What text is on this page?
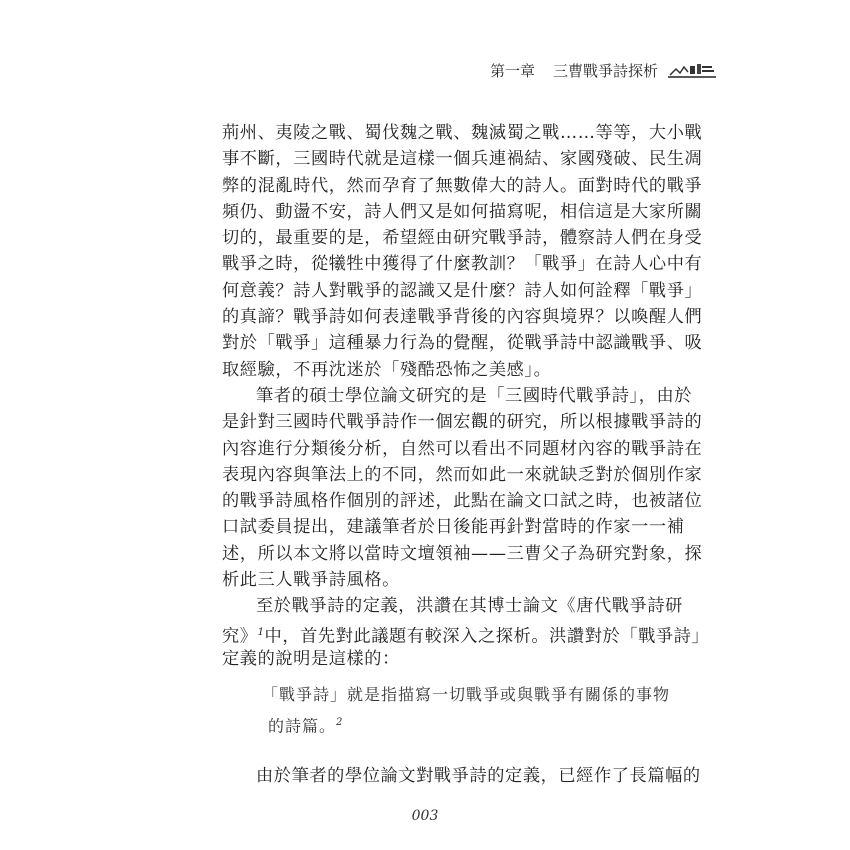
第一章 三曹戰爭詩探析
荊州、夷陵之戰、蜀伐魏之戰、魏滅蜀之戰……等等，大小戰
事不斷，三國時代就是這樣一個兵連禍結、家國殘破、民生凋
弊的混亂時代，然而孕育了無數偉大的詩人。面對時代的戰爭
頻仍、動盪不安，詩人們又是如何描寫呢，相信這是大家所關
切的，最重要的是，希望經由研究戰爭詩，體察詩人們在身受
戰爭之時，從犧牲中獲得了什麼教訓？「戰爭」在詩人心中有
何意義？詩人對戰爭的認識又是什麼？詩人如何詮釋「戰爭」
的真諦？戰爭詩如何表達戰爭背後的內容與境界？以喚醒人們
對於「戰爭」這種暴力行為的覺醒，從戰爭詩中認識戰爭、吸
取經驗，不再沈迷於「殘酷恐怖之美感」。
筆者的碩士學位論文研究的是「三國時代戰爭詩」，由於
是針對三國時代戰爭詩作一個宏觀的研究，所以根據戰爭詩的
內容進行分類後分析，自然可以看出不同題材內容的戰爭詩在
表現內容與筆法上的不同，然而如此一來就缺乏對於個別作家
的戰爭詩風格作個別的評述，此點在論文口試之時，也被諸位
口試委員提出，建議筆者於日後能再針對當時的作家一一補
述，所以本文將以當時文壇領袖——三曹父子為研究對象，探
析此三人戰爭詩風格。
至於戰爭詩的定義，洪讚在其博士論文《唐代戰爭詩研
究》$^1$中，首先對此議題有較深入之探析。洪讚對於「戰爭詩」
定義的說明是這樣的：
「戰爭詩」就是指描寫一切戰爭或與戰爭有關係的事物
的詩篇。$^2$
由於筆者的學位論文對戰爭詩的定義，已經作了長篇幅的
003
